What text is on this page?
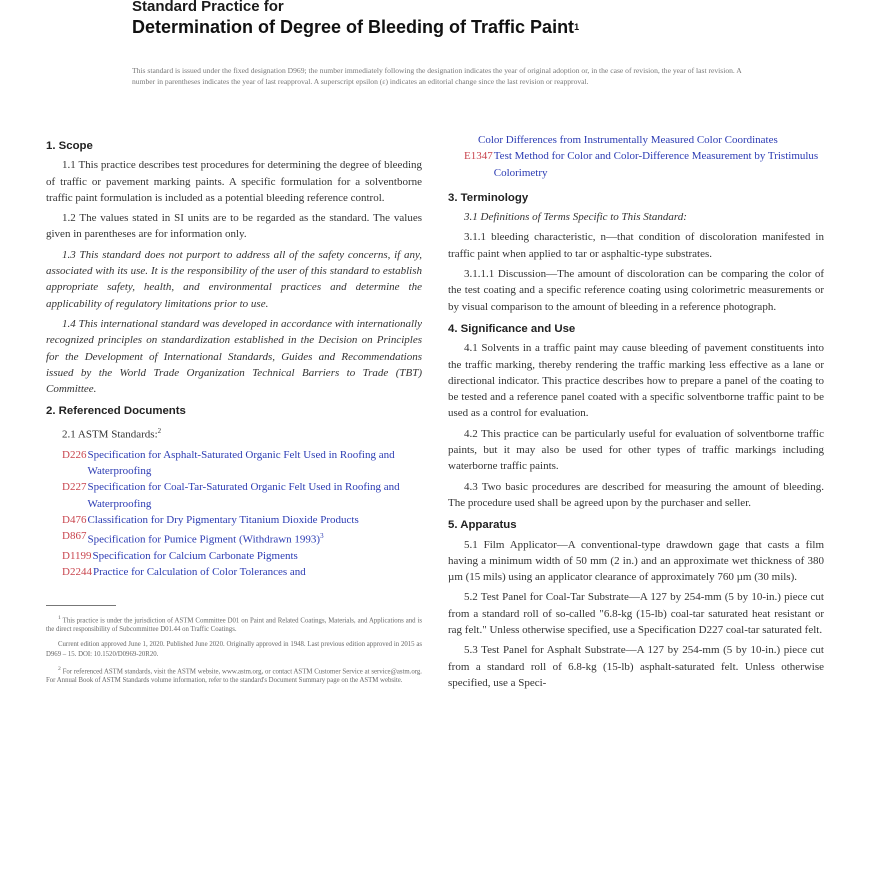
Standard Practice for
Determination of Degree of Bleeding of Traffic Paint$^1$
This standard is issued under the fixed designation D969; the number immediately following the designation indicates the year of original adoption or, in the case of revision, the year of last revision. A number in parentheses indicates the year of last reapproval. A superscript epsilon (ε) indicates an editorial change since the last revision or reapproval.
1. Scope
1.1 This practice describes test procedures for determining the degree of bleeding of traffic or pavement marking paints. A specific formulation for a solventborne traffic paint formulation is included as a potential bleeding reference control.
1.2 The values stated in SI units are to be regarded as the standard. The values given in parentheses are for information only.
1.3 This standard does not purport to address all of the safety concerns, if any, associated with its use. It is the responsibility of the user of this standard to establish appropriate safety, health, and environmental practices and determine the applicability of regulatory limitations prior to use.
1.4 This international standard was developed in accordance with internationally recognized principles on standardization established in the Decision on Principles for the Development of International Standards, Guides and Recommendations issued by the World Trade Organization Technical Barriers to Trade (TBT) Committee.
2. Referenced Documents
2.1 ASTM Standards:$^2$
D226 Specification for Asphalt-Saturated Organic Felt Used in Roofing and Waterproofing
D227 Specification for Coal-Tar-Saturated Organic Felt Used in Roofing and Waterproofing
D476 Classification for Dry Pigmentary Titanium Dioxide Products
D867 Specification for Pumice Pigment (Withdrawn 1993)$^3$
D1199 Specification for Calcium Carbonate Pigments
D2244 Practice for Calculation of Color Tolerances and
$^1$ This practice is under the jurisdiction of ASTM Committee D01 on Paint and Related Coatings, Materials, and Applications and is the direct responsibility of Subcommittee D01.44 on Traffic Coatings.
Current edition approved June 1, 2020. Published June 2020. Originally approved in 1948. Last previous edition approved in 2015 as D969 – 15. DOI: 10.1520/D0969-20R20.
$^2$ For referenced ASTM standards, visit the ASTM website, www.astm.org, or contact ASTM Customer Service at service@astm.org. For Annual Book of ASTM Standards volume information, refer to the standard's Document Summary page on the ASTM website.
Color Differences from Instrumentally Measured Color Coordinates
E1347 Test Method for Color and Color-Difference Measurement by Tristimulus Colorimetry
3. Terminology
3.1 Definitions of Terms Specific to This Standard:
3.1.1 bleeding characteristic, n—that condition of discoloration manifested in traffic paint when applied to tar or asphaltic-type substrates.
3.1.1.1 Discussion—The amount of discoloration can be comparing the color of the test coating and a specific reference coating using colorimetric measurements or by visual comparison to the amount of bleeding in a reference photograph.
4. Significance and Use
4.1 Solvents in a traffic paint may cause bleeding of pavement constituents into the traffic marking, thereby rendering the traffic marking less effective as a lane or directional indicator. This practice describes how to prepare a panel of the coating to be tested and a reference panel coated with a specific solventborne traffic paint to be used as a control for evaluation.
4.2 This practice can be particularly useful for evaluation of solventborne traffic paints, but it may also be used for other types of traffic markings including waterborne traffic paints.
4.3 Two basic procedures are described for measuring the amount of bleeding. The procedure used shall be agreed upon by the purchaser and seller.
5. Apparatus
5.1 Film Applicator—A conventional-type drawdown gage that casts a film having a minimum width of 50 mm (2 in.) and an approximate wet thickness of 380 µm (15 mils) using an applicator clearance of approximately 760 µm (30 mils).
5.2 Test Panel for Coal-Tar Substrate—A 127 by 254-mm (5 by 10-in.) piece cut from a standard roll of so-called "6.8-kg (15-lb) coal-tar saturated heat resistant or rag felt." Unless otherwise specified, use a Specification D227 coal-tar saturated felt.
5.3 Test Panel for Asphalt Substrate—A 127 by 254-mm (5 by 10-in.) piece cut from a standard roll of 6.8-kg (15-lb) asphalt-saturated felt. Unless otherwise specified, use a Speci-
